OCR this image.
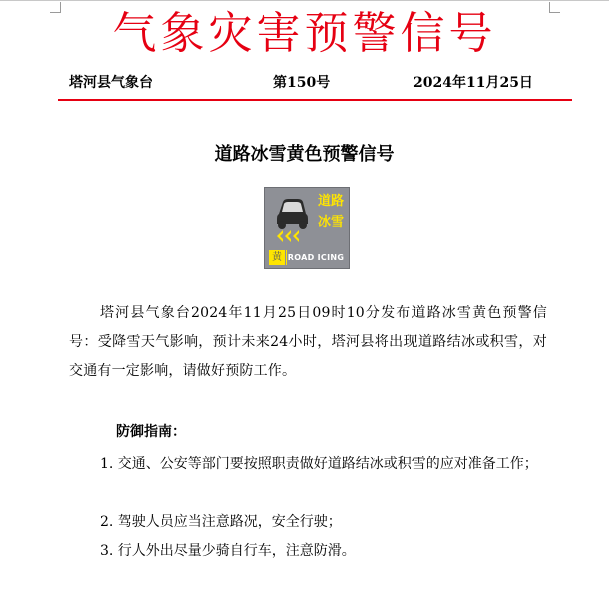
气象灾害预警信号
塔河县气象台	第150号	2024年11月25日
道路冰雪黄色预警信号
道路
冰雪
黄 ROAD ICING
塔河县气象台2024年11月25日09时10分发布道路冰雪黄色预警信号：受降雪天气影响，预计未来24小时，塔河县将出现道路结冰或积雪，对交通有一定影响，请做好预防工作。
防御指南：
1. 交通、公安等部门要按照职责做好道路结冰或积雪的应对准备工作；
2. 驾驶人员应当注意路况，安全行驶；
3. 行人外出尽量少骑自行车，注意防滑。
